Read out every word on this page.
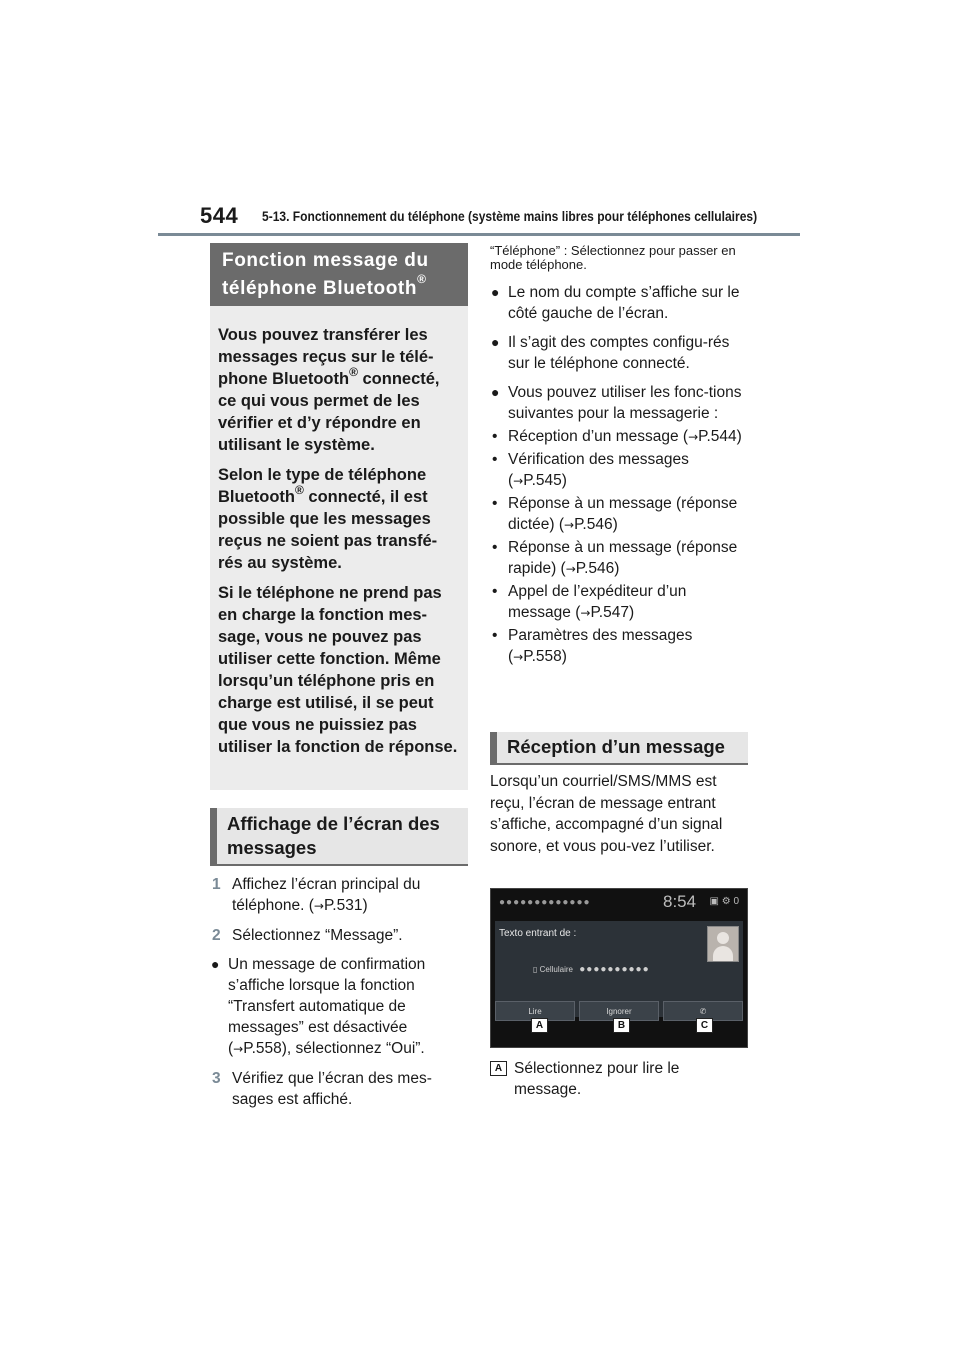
544 5-13. Fonctionnement du téléphone (système mains libres pour téléphones cellulaires)
Fonction message du
téléphone Bluetooth®

Vous pouvez transférer les messages reçus sur le télé-phone Bluetooth® connecté, ce qui vous permet de les vérifier et d’y répondre en utilisant le système.

Selon le type de téléphone Bluetooth® connecté, il est possible que les messages reçus ne soient pas transfé-rés au système.

Si le téléphone ne prend pas en charge la fonction mes-sage, vous ne pouvez pas utiliser cette fonction. Même lorsqu’un téléphone pris en charge est utilisé, il se peut que vous ne puissiez pas utiliser la fonction de réponse.

Affichage de l’écran des messages
1 Affichez l’écran principal du téléphone. (→P.531)
2 Sélectionnez “Message”.
● Un message de confirmation s’affiche lorsque la fonction “Transfert automatique de messages” est désactivée (→P.558), sélectionnez “Oui”.
3 Vérifiez que l’écran des mes-sages est affiché.
“Téléphone” : Sélectionnez pour passer en mode téléphone.
● Le nom du compte s’affiche sur le côté gauche de l’écran.
● Il s’agit des comptes configu-rés sur le téléphone connecté.
● Vous pouvez utiliser les fonc-tions suivantes pour la messagerie :
• Réception d’un message (→P.544)
• Vérification des messages (→P.545)
• Réponse à un message (réponse dictée) (→P.546)
• Réponse à un message (réponse rapide) (→P.546)
• Appel de l’expéditeur d’un message (→P.547)
• Paramètres des messages (→P.558)
Réception d’un message
Lorsqu’un courriel/SMS/MMS est reçu, l’écran de message entrant s’affiche, accompagné d’un signal sonore, et vous pou-vez l’utiliser.
●●●●●●●●●●●●●	8:54 ▣ ⚙ 0
Texto entrant de :
▯ Cellulaire ●●●●●●●●●●
Lire	Ignorer	✆
A	B	C
A Sélectionnez pour lire le message.
